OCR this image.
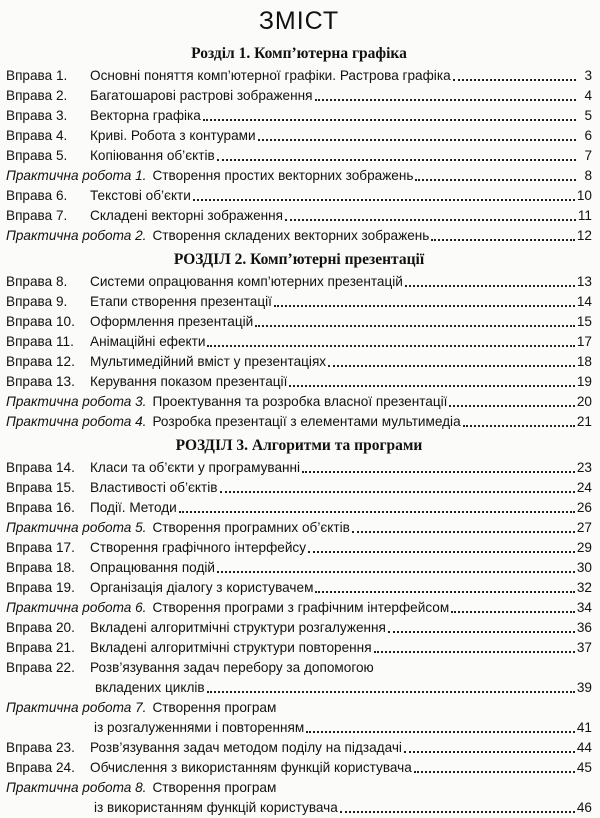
ЗМІСТ
Розділ 1. Комп’ютерна графіка
Вправа 1.	Основні поняття комп’ютерної графіки. Растрова графіка	3
Вправа 2.	Багатошарові растрові зображення	4
Вправа 3.	Векторна графіка	5
Вправа 4.	Криві. Робота з контурами	6
Вправа 5.	Копіювання об’єктів	7
Практична робота 1. Створення простих векторних зображень	8
Вправа 6.	Текстові об’єкти	10
Вправа 7.	Складені векторні зображення	11
Практична робота 2. Створення складених векторних зображень	12
РОЗДІЛ 2. Комп’ютерні презентації
Вправа 8.	Системи опрацювання комп’ютерних презентацій	13
Вправа 9.	Етапи створення презентації	14
Вправа 10.	Оформлення презентацій	15
Вправа 11.	Анімаційні ефекти	17
Вправа 12.	Мультимедійний вміст у презентаціях	18
Вправа 13.	Керування показом презентації	19
Практична робота 3. Проектування та розробка власної презентації	20
Практична робота 4. Розробка презентації з елементами мультимедіа	21
РОЗДІЛ 3. Алгоритми та програми
Вправа 14.	Класи та об’єкти у програмуванні	23
Вправа 15.	Властивості об’єктів	24
Вправа 16.	Події. Методи	26
Практична робота 5. Створення програмних об’єктів	27
Вправа 17.	Створення графічного інтерфейсу	29
Вправа 18.	Опрацювання подій	30
Вправа 19.	Організація діалогу з користувачем	32
Практична робота 6. Створення програми з графічним інтерфейсом	34
Вправа 20.	Вкладені алгоритмічні структури розгалуження	36
Вправа 21.	Вкладені алгоритмічні структури повторення	37
Вправа 22.	Розв’язування задач перебору за допомогою
вкладених циклів	39
Практична робота 7. Створення програм
із розгалуженнями і повторенням	41
Вправа 23.	Розв’язування задач методом поділу на підзадачі	44
Вправа 24.	Обчислення з використанням функцій користувача	45
Практична робота 8. Створення програм
із використанням функцій користувача	46
